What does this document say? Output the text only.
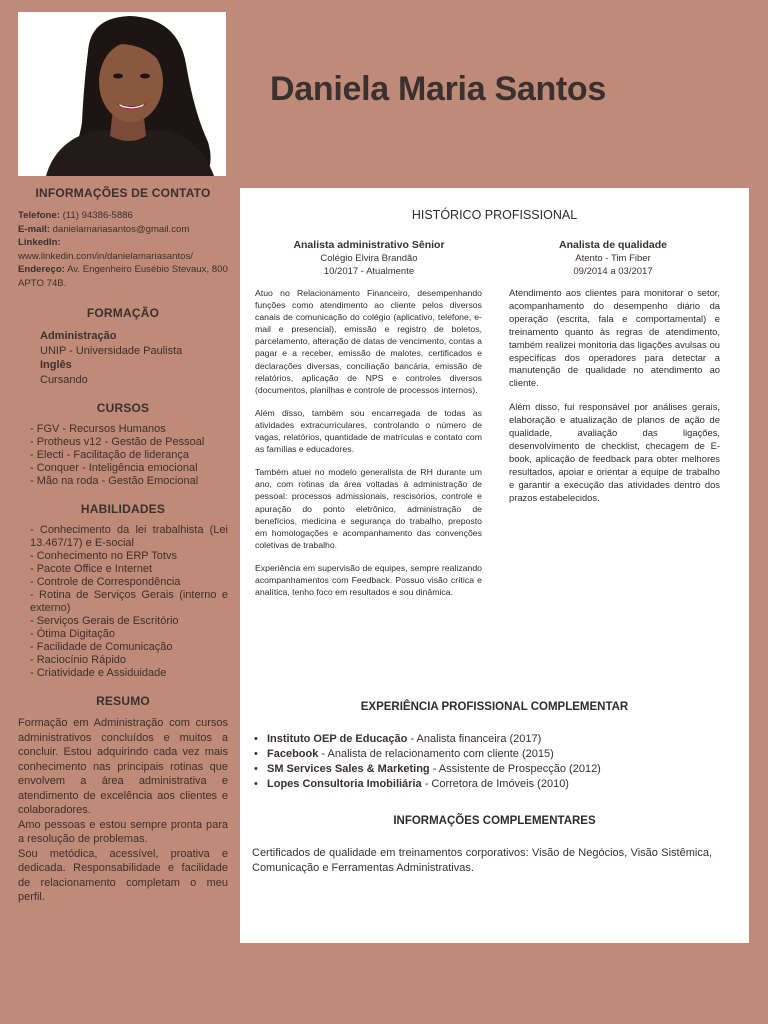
Daniela Maria Santos
INFORMAÇÕES DE CONTATO
Telefone: (11) 94386-5886
E-mail: danielamariasantos@gmail.com
LinkedIn:
www.linkedin.com/in/danielamariasantos/
Endereço: Av. Engenheiro Eusébio Stevaux, 800 APTO 74B.
FORMAÇÃO
Administração
UNIP - Universidade Paulista
Inglês
Cursando
CURSOS
- FGV - Recursos Humanos
- Protheus v12 - Gestão de Pessoal
- Electi - Facilitação de liderança
- Conquer - Inteligência emocional
- Mão na roda - Gestão Emocional
HABILIDADES
- Conhecimento da lei trabalhista (Lei 13.467/17) e E-social
- Conhecimento no ERP Totvs
- Pacote Office e Internet
- Controle de Correspondência
- Rotina de Serviços Gerais (interno e externo)
- Serviços Gerais de Escritório
- Ótima Digitação
- Facilidade de Comunicação
- Raciocínio Rápido
- Criatividade e Assiduidade
RESUMO
Formação em Administração com cursos administrativos concluídos e muitos a concluir. Estou adquirindo cada vez mais conhecimento nas principais rotinas que envolvem a área administrativa e atendimento de excelência aos clientes e colaboradores.
Amo pessoas e estou sempre pronta para a resolução de problemas.
Sou metódica, acessível, proativa e dedicada. Responsabilidade e facilidade de relacionamento completam o meu perfil.
HISTÓRICO PROFISSIONAL
Analista administrativo Sênior
Colégio Elvira Brandão
10/2017 - Atualmente
Analista de qualidade
Atento - Tim Fiber
09/2014 a 03/2017

Atuo no Relacionamento Financeiro, desempenhando funções como atendimento ao cliente pelos diversos canais de comunicação do colégio (aplicativo, telefone, e-mail e presencial), emissão e registro de boletos, parcelamento, alteração de datas de vencimento, contas a pagar e a receber, emissão de malotes, certificados e declarações diversas, conciliação bancária, emissão de relatórios, aplicação de NPS e controles diversos (documentos, planilhas e controle de processos internos).

Além disso, também sou encarregada de todas as atividades extracurriculares, controlando o número de vagas, relatórios, quantidade de matrículas e contato com as famílias e educadores.

Também atuei no modelo generalista de RH durante um ano, com rotinas da área voltadas à administração de pessoal: processos admissionais, rescisórios, controle e apuração do ponto eletrônico, administração de benefícios, medicina e segurança do trabalho, preposto em homologações e acompanhamento das convenções coletivas de trabalho.

Experiência em supervisão de equipes, sempre realizando acompanhamentos com Feedback. Possuo visão crítica e analítica, tenho foco em resultados e sou dinâmica.

Atendimento aos clientes para monitorar o setor, acompanhamento do desempenho diário da operação (escrita, fala e comportamental) e treinamento quanto às regras de atendimento, também realizei monitoria das ligações avulsas ou específicas dos operadores para detectar a manutenção de qualidade no atendimento ao cliente.

Além disso, fui responsável por análises gerais, elaboração e atualização de planos de ação de qualidade, avaliação das ligações, desenvolvimento de checklist, checagem de E-book, aplicação de feedback para obter melhores resultados, apoiar e orientar a equipe de trabalho e garantir a execução das atividades dentro dos prazos estabelecidos.

EXPERIÊNCIA PROFISSIONAL COMPLEMENTAR
• Instituto OEP de Educação - Analista financeira (2017)
• Facebook - Analista de relacionamento com cliente (2015)
• SM Services Sales & Marketing - Assistente de Prospecção (2012)
• Lopes Consultoria Imobiliária - Corretora de Imóveis (2010)
INFORMAÇÕES COMPLEMENTARES
Certificados de qualidade em treinamentos corporativos: Visão de Negócios, Visão Sistêmica, Comunicação e Ferramentas Administrativas.
